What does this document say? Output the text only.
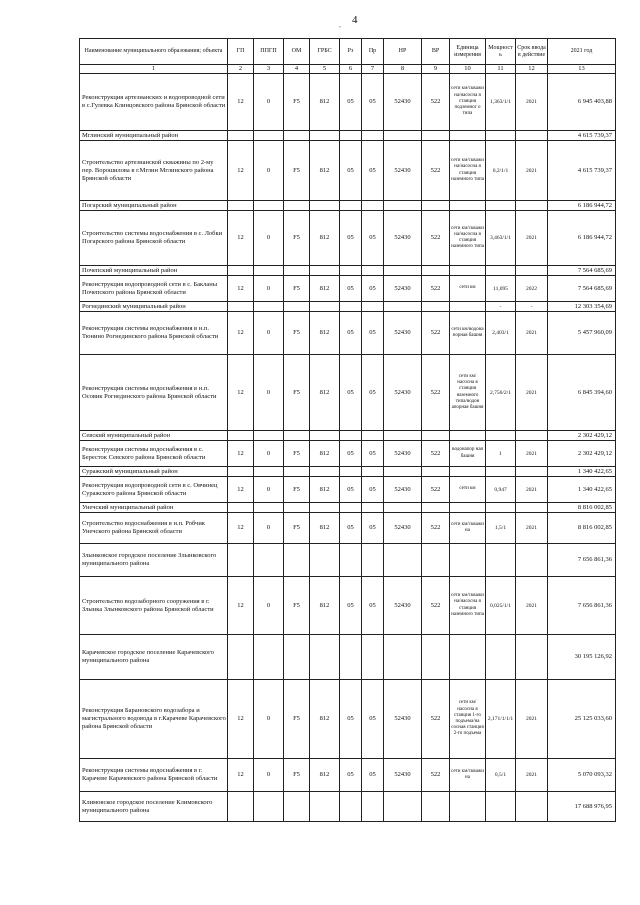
4
,
Наименование муниципального образования; объекта	ГП	ППГП	ОМ	ГРБС	Рз	Пр	НР	ВР	Единица измерения	Мощност ь	Срок ввода в действие	2021 год
1	2	3	4	5	6	7	8	9	10	11	12	13
Реконструкция артезианских и водопроводной сети в с.Гулевка Клинцовского района Брянской области	12	0	F5	812	05	05	52430	522	сети км/скважи на/насосна я станция подземног о типа	1,363/1/1	2021	6 945 403,88
Мглинский муниципальный район												4 615 739,37
Строительство артезианской скважины по 2-му пер. Ворошилова в г.Мглин Мглинского района Брянской области	12	0	F5	812	05	05	52430	522	сети км/скважи на/насосна я станция наземного типа	0,2/1/1	2021	4 615 739,37
Погарский муниципальный район												6 186 944,72
Строительство системы водоснабжения в с. Лобки Погарского района Брянской области	12	0	F5	812	05	05	52430	522	сети км/скважи на/насосна я станция наземного типа	3,463/1/1	2021	6 186 944,72
Почепский муниципальный район												7 564 685,69
Реконструкция водопроводной сети в с. Бакланы Почепского района Брянской области	12	0	F5	812	05	05	52430	522	сети км	11,095	2022	7 564 685,69
Рогнединский муниципальный район										-	-	12 303 354,69
Реконструкция системы водоснабжения в н.п. Тюнино Рогнединского района Брянской области	12	0	F5	812	05	05	52430	522	сети км/водона порная башня	2,403/1	2021	5 457 960,09
Реконструкция системы водоснабжения в н.п. Осовик Рогнединского района Брянской области	12	0	F5	812	05	05	52430	522	сети км/насосна я станция наземного типа/водон апорная башня	2,756/2/1	2021	6 845 394,60
Севский муниципальный район												2 302 429,12
Реконструкция системы водоснабжения в с. Бересток Севского района Брянской области	12	0	F5	812	05	05	52430	522	водонапор ная башня	1	2021	2 302 429,12
Суражский муниципальный район												1 340 422,65
Реконструкция водопроводной сети в с. Овчинец Суражского района Брянской области	12	0	F5	812	05	05	52430	522	сети км	0,947	2021	1 340 422,65
Унечский муниципальный район												8 816 002,85
Строительство водоснабжения в н.п. Робчик Унечского района Брянской области	12	0	F5	812	05	05	52430	522	сети км/скважи на	1,5/1	2021	8 816 002,85
Злынковское городское поселение Злынковского муниципального района												7 656 861,36
Строительство водозаборного сооружения в г. Злынка Злынковского района Брянской области	12	0	F5	812	05	05	52430	522	сети км/скважи на/насосна я станция наземного типа	0,025/1/1	2021	7 656 861,36
Карачевское городское поселение Карачевского муниципального района												30 195 126,92
Реконструкция Барановского водозабора и магистрального водовода в г.Карачеве Карачевского района Брянской области	12	0	F5	812	05	05	52430	522	сети км/насосна я станция 1-го подъема/на сосная станция 2-го подъема	2,171/1/1/1	2021	25 125 033,60
Реконструкция системы водоснабжения в г. Карачеве Карачевского района Брянской области	12	0	F5	812	05	05	52430	522	сети км/скважи на	0,5/1	2021	5 070 093,32
Климовское городское поселение Климовского муниципального района												17 688 976,95
